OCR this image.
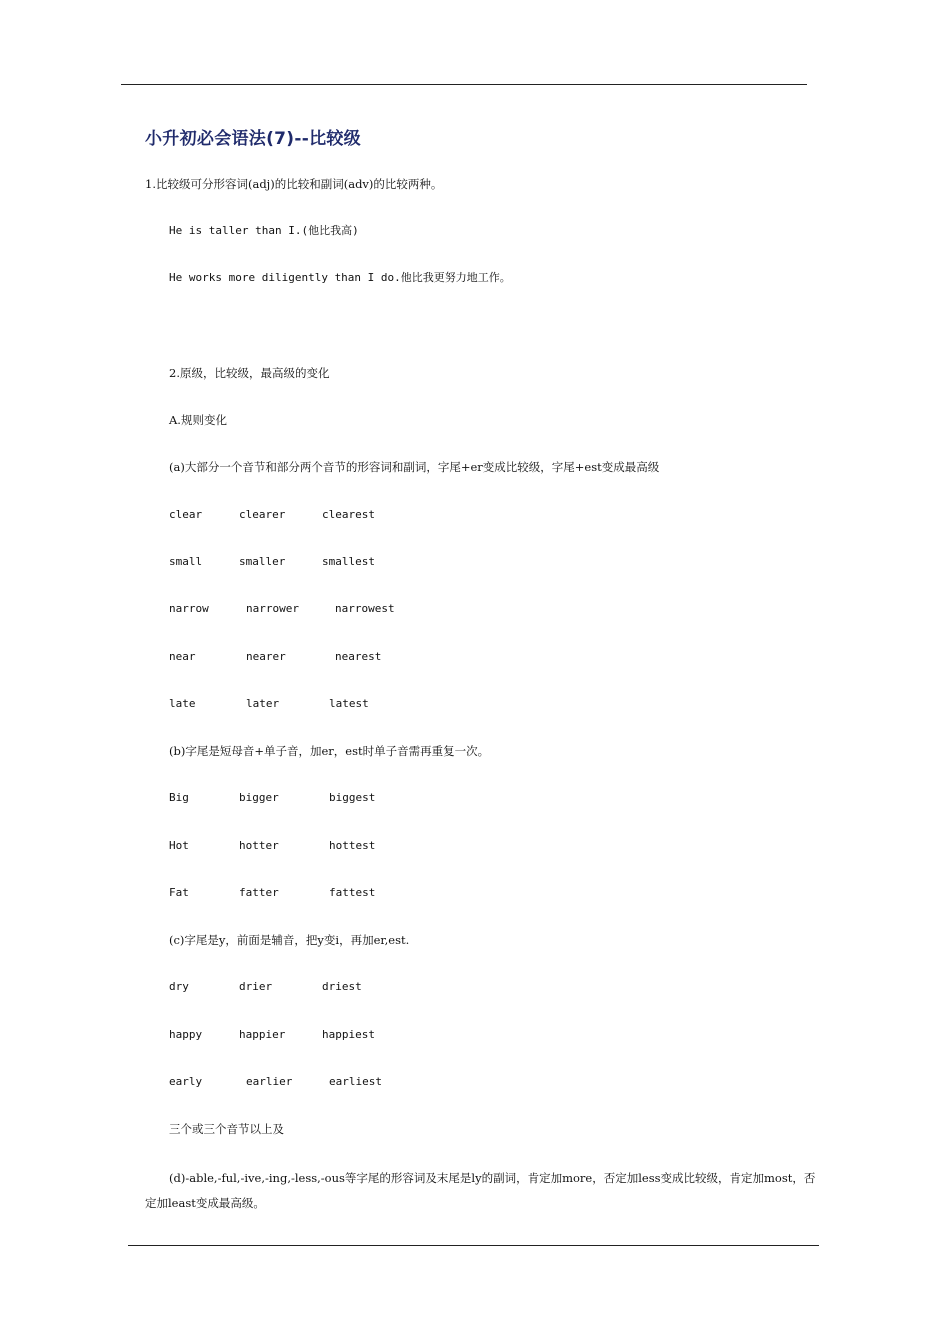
小升初必会语法(7)--比较级
1.比较级可分形容词(adj)的比较和副词(adv)的比较两种。
He is taller than I.(他比我高)
He works more diligently than I do.他比我更努力地工作。
2.原级，比较级，最高级的变化
A.规则变化
(a)大部分一个音节和部分两个音节的形容词和副词，字尾+er变成比较级，字尾+est变成最高级
clear	clearer	clearest
small	smaller	smallest
narrow	narrower	narrowest
near	nearer	nearest
late	later	latest
(b)字尾是短母音+单子音，加er，est时单子音需再重复一次。
Big	bigger	biggest
Hot	hotter	hottest
Fat	fatter	fattest
(c)字尾是y，前面是辅音，把y变i，再加er,est.
dry	drier	driest
happy	happier	happiest
early	earlier	earliest
三个或三个音节以上及
(d)-able,-ful,-ive,-ing,-less,-ous等字尾的形容词及末尾是ly的副词，肯定加more，否定加less变成比较级，肯定加most，否定加least变成最高级。
